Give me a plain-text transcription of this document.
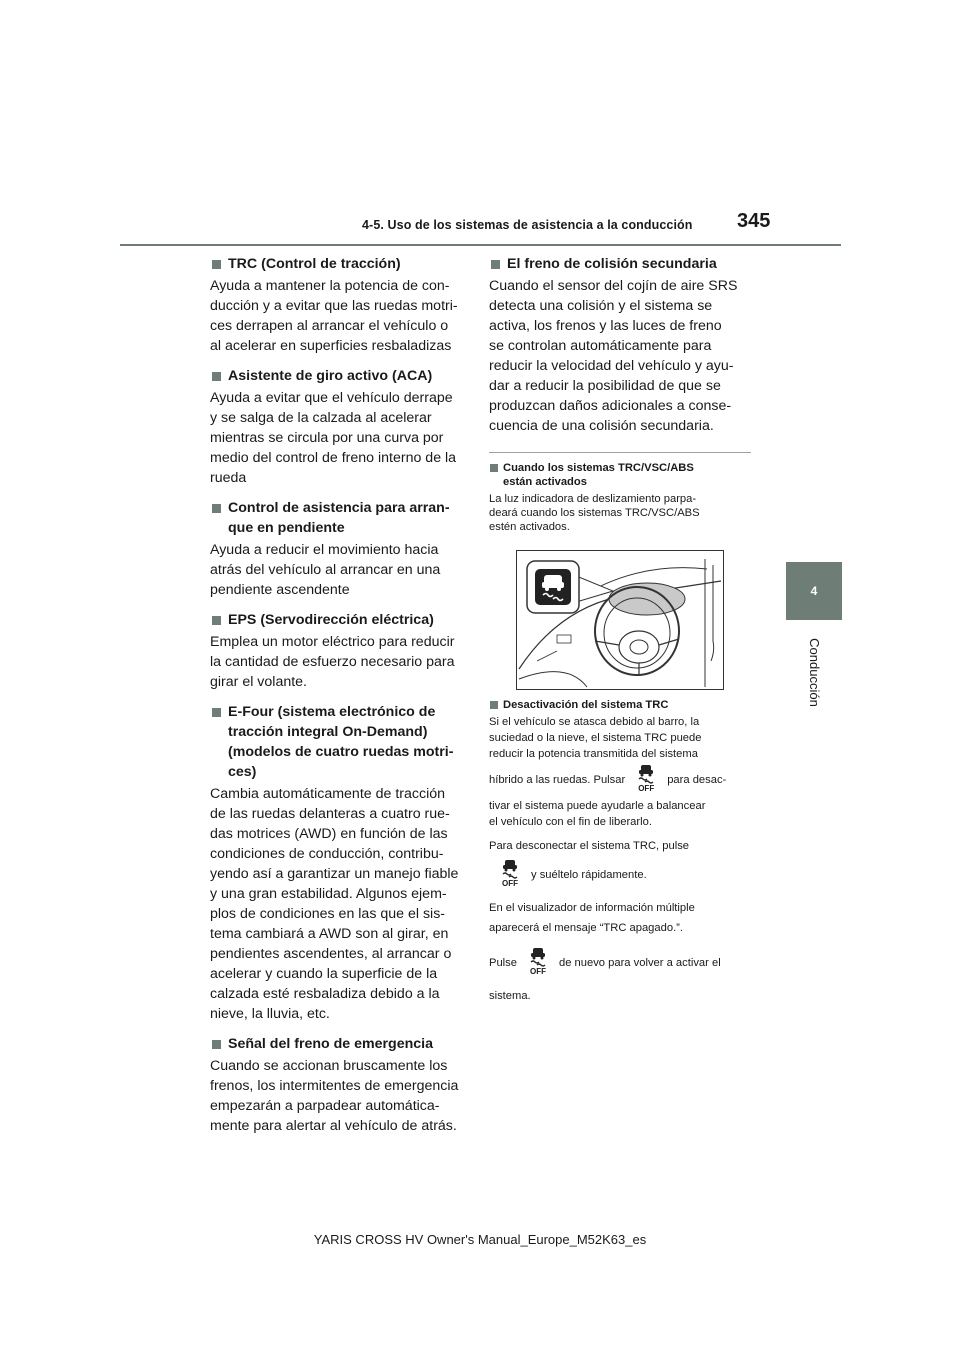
4-5. Uso de los sistemas de asistencia a la conducción 345
4
Conducción

TRC (Control de tracción)

Ayuda a mantener la potencia de con-
ducción y a evitar que las ruedas motri-
ces derrapen al arrancar el vehículo o
al acelerar en superficies resbaladizas

Asistente de giro activo (ACA)

Ayuda a evitar que el vehículo derrape
y se salga de la calzada al acelerar
mientras se circula por una curva por
medio del control de freno interno de la
rueda

Control de asistencia para arran-
que en pendiente

Ayuda a reducir el movimiento hacia
atrás del vehículo al arrancar en una
pendiente ascendente

EPS (Servodirección eléctrica)

Emplea un motor eléctrico para reducir
la cantidad de esfuerzo necesario para
girar el volante.

E-Four (sistema electrónico de
tracción integral On-Demand)
(modelos de cuatro ruedas motri-
ces)

Cambia automáticamente de tracción
de las ruedas delanteras a cuatro rue-
das motrices (AWD) en función de las
condiciones de conducción, contribu-
yendo así a garantizar un manejo fiable
y una gran estabilidad. Algunos ejem-
plos de condiciones en las que el sis-
tema cambiará a AWD son al girar, en
pendientes ascendentes, al arrancar o
acelerar y cuando la superficie de la
calzada esté resbaladiza debido a la
nieve, la lluvia, etc.

Señal del freno de emergencia

Cuando se accionan bruscamente los
frenos, los intermitentes de emergencia
empezarán a parpadear automática-
mente para alertar al vehículo de atrás.

El freno de colisión secundaria

Cuando el sensor del cojín de aire SRS
detecta una colisión y el sistema se
activa, los frenos y las luces de freno
se controlan automáticamente para
reducir la velocidad del vehículo y ayu-
dar a reducir la posibilidad de que se
produzcan daños adicionales a conse-
cuencia de una colisión secundaria.

Cuando los sistemas TRC/VSC/ABS
están activados

La luz indicadora de deslizamiento parpa-
deará cuando los sistemas TRC/VSC/ABS
estén activados.

Desactivación del sistema TRC

Si el vehículo se atasca debido al barro, la
suciedad o la nieve, el sistema TRC puede
reducir la potencia transmitida del sistema

híbrido a las ruedas. Pulsar
OFF
para desac-

tivar el sistema puede ayudarle a balancear
el vehículo con el fin de liberarlo.

Para desconectar el sistema TRC, pulse

OFF
y suéltelo rápidamente.

En el visualizador de información múltiple
aparecerá el mensaje “TRC apagado.”.

Pulse
OFF
de nuevo para volver a activar el

sistema.

YARIS CROSS HV Owner's Manual_Europe_M52K63_es
